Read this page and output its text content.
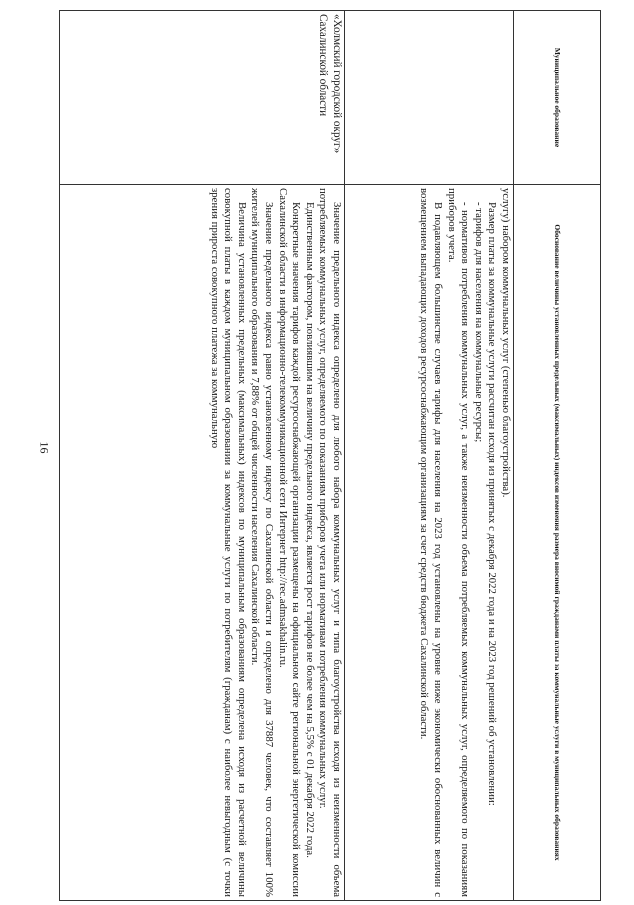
16
Муниципальное образование	Обоснование величины установленных предельных (максимальных) индексов изменения размера вносимой гражданами платы за коммунальные услуги в муниципальных образованиях

	услугу) набором коммунальных услуг (степенью благоустройства).

Размер платы за коммунальные услуги рассчитан исходя из принятых с декабря 2022 года и на 2023 год решений об установлении:

- тарифов для населения на коммунальные ресурсы;

- нормативов потребления коммунальных услуг, а также неизменности объема потребляемых коммунальных услуг, определяемого по показаниям приборов учета.

В подавляющем большинстве случаев тарифы для населения на 2023 год установлены на уровне ниже экономически обоснованных величин с возмещением выпадающих доходов ресурсоснабжающим организациям за счет средств бюджета Сахалинской области.

«Холмский городской округ» Сахалинской области	Значение предельного индекса определено для любого набора коммунальных услуг и типа благоустройства исходя из неизменности объема потребляемых коммунальных услуг, определяемого по показаниям приборов учета или нормативам потребления коммунальных услуг.

Единственным фактором, повлиявшим на величину предельного индекса, является рост тарифов не более чем на 5,5% с 01 декабря 2022 года.

Конкретные значения тарифов каждой ресурсоснабжающей организации размещены на официальном сайте региональной энергетической комиссии Сахалинской области в информационно-телекоммуникационной сети Интернет http://rec.admsakhalin.ru.

Значение предельного индекса равно установленному индексу по Сахалинской области и определено для 37887 человек, что составляет 100% жителей муниципального образования и 7,88% от общей численности населения Сахалинской области.

Величина установленных предельных (максимальных) индексов по муниципальным образованиям определена исходя из расчетной величины совокупной платы в каждом муниципальном образовании за коммунальные услуги по потребителям (гражданам) с наиболее невыгодным (с точки зрения прироста совокупного платежа за коммунальную
